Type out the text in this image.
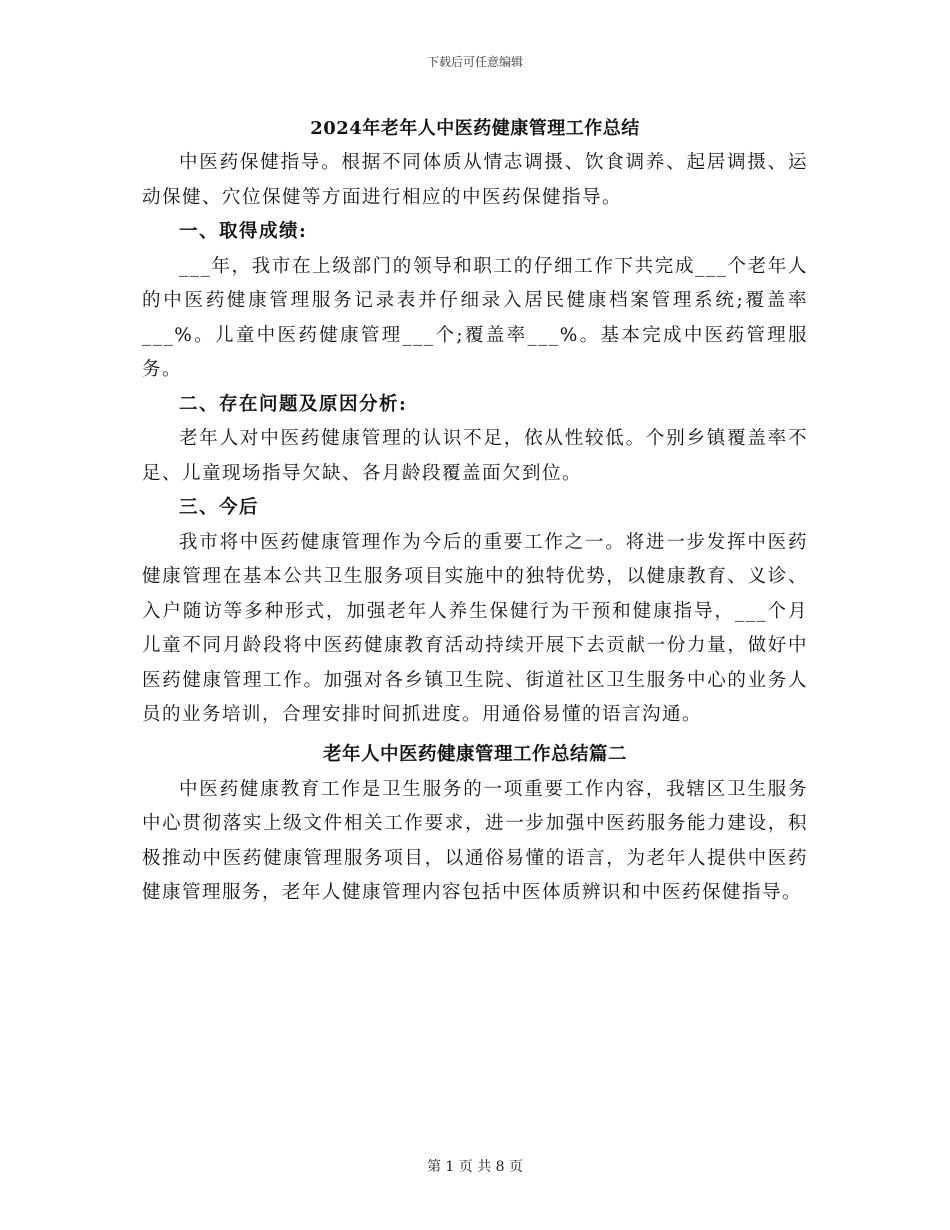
下载后可任意编辑

2024年老年人中医药健康管理工作总结

中医药保健指导。根据不同体质从情志调摄、饮食调养、起居调摄、运动保健、穴位保健等方面进行相应的中医药保健指导。

一、取得成绩:

___年，我市在上级部门的领导和职工的仔细工作下共完成___个老年人的中医药健康管理服务记录表并仔细录入居民健康档案管理系统;覆盖率___%。儿童中医药健康管理___个;覆盖率___%。基本完成中医药管理服务。

二、存在问题及原因分析:

老年人对中医药健康管理的认识不足，依从性较低。个别乡镇覆盖率不足、儿童现场指导欠缺、各月龄段覆盖面欠到位。

三、今后

我市将中医药健康管理作为今后的重要工作之一。将进一步发挥中医药健康管理在基本公共卫生服务项目实施中的独特优势，以健康教育、义诊、入户随访等多种形式，加强老年人养生保健行为干预和健康指导，___个月儿童不同月龄段将中医药健康教育活动持续开展下去贡献一份力量，做好中医药健康管理工作。加强对各乡镇卫生院、街道社区卫生服务中心的业务人员的业务培训，合理安排时间抓进度。用通俗易懂的语言沟通。

老年人中医药健康管理工作总结篇二

中医药健康教育工作是卫生服务的一项重要工作内容，我辖区卫生服务中心贯彻落实上级文件相关工作要求，进一步加强中医药服务能力建设，积极推动中医药健康管理服务项目，以通俗易懂的语言，为老年人提供中医药健康管理服务，老年人健康管理内容包括中医体质辨识和中医药保健指导。

第 1 页 共 8 页
